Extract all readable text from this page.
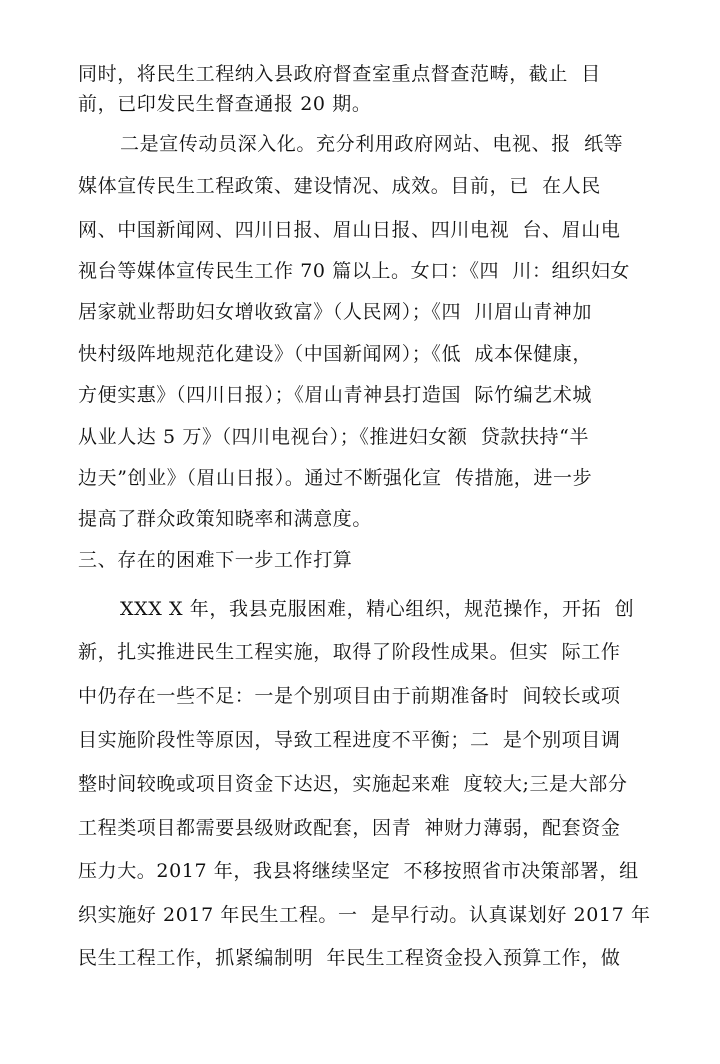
同时，将民生工程纳入县政府督查室重点督查范畴，截止  目
前，已印发民生督查通报 20 期。
二是宣传动员深入化。充分利用政府网站、电视、报  纸等
媒体宣传民生工程政策、建设情况、成效。目前，已  在人民
网、中国新闻网、四川日报、眉山日报、四川电视  台、眉山电
视台等媒体宣传民生工作 70 篇以上。女口：《四  川：组织妇女
居家就业帮助妇女增收致富》（人民网）；《四  川眉山青神加
快村级阵地规范化建设》（中国新闻网）；《低  成本保健康，
方便实惠》（四川日报）；《眉山青神县打造国  际竹编艺术城
从业人达 5 万》（四川电视台）；《推进妇女额  贷款扶持“半
边天”创业》（眉山日报）。通过不断强化宣  传措施，进一步
提高了群众政策知晓率和满意度。
三、存在的困难下一步工作打算
XXX X 年，我县克服困难，精心组织，规范操作，开拓  创
新，扎实推进民生工程实施，取得了阶段性成果。但实  际工作
中仍存在一些不足：一是个别项目由于前期准备时  间较长或项
目实施阶段性等原因，导致工程进度不平衡；二  是个别项目调
整时间较晚或项目资金下达迟，实施起来难  度较大;三是大部分
工程类项目都需要县级财政配套，因青  神财力薄弱，配套资金
压力大。2017 年，我县将继续坚定  不移按照省市决策部署，组
织实施好 2017 年民生工程。一  是早行动。认真谋划好 2017 年
民生工程工作，抓紧编制明  年民生工程资金投入预算工作，做
